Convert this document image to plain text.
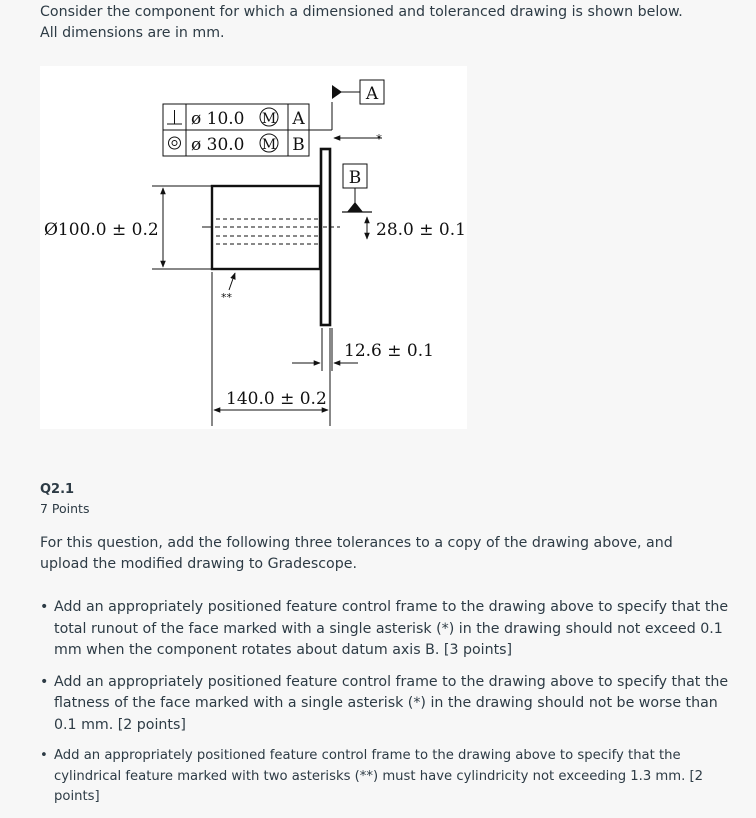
Consider the component for which a dimensioned and toleranced drawing is shown below. All dimensions are in mm.

ø 10.0 M A
ø 30.0 M B
A
B
Ø100.0 ± 0.2	28.0 ± 0.1
12.6 ± 0.1
140.0 ± 0.2
*
**
Q2.1
7 Points

For this question, add the following three tolerances to a copy of the drawing above, and upload the modified drawing to Gradescope.

• Add an appropriately positioned feature control frame to the drawing above to specify that the total runout of the face marked with a single asterisk (*) in the drawing should not exceed 0.1 mm when the component rotates about datum axis B. [3 points]
• Add an appropriately positioned feature control frame to the drawing above to specify that the flatness of the face marked with a single asterisk (*) in the drawing should not be worse than 0.1 mm. [2 points]
• Add an appropriately positioned feature control frame to the drawing above to specify that the cylindrical feature marked with two asterisks (**) must have cylindricity not exceeding 1.3 mm. [2 points]
